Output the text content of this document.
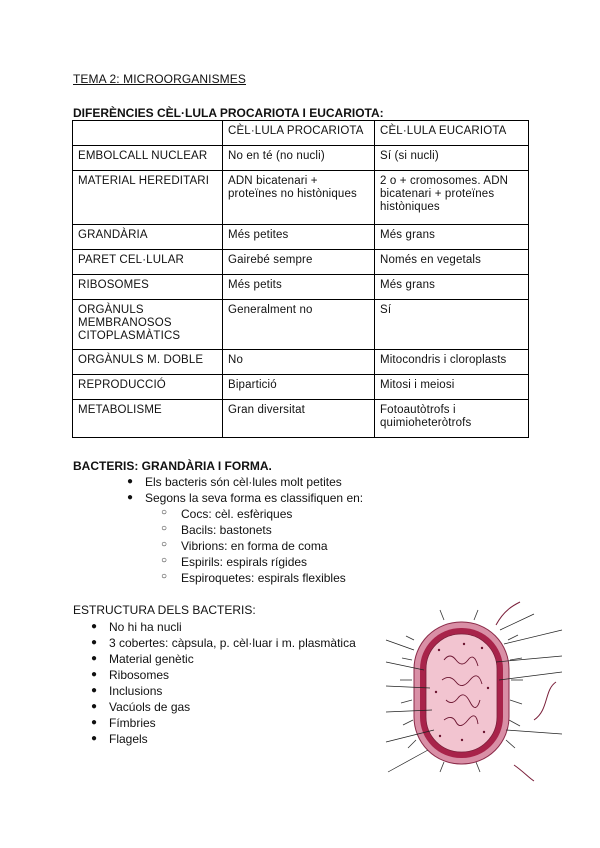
TEMA 2: MICROORGANISMES
DIFERÈNCIES CÈL·LULA PROCARIOTA I EUCARIOTA:
	CÈL·LULA PROCARIOTA	CÈL·LULA EUCARIOTA
EMBOLCALL NUCLEAR	No en té (no nucli)	Sí (si nucli)
MATERIAL HEREDITARI	ADN bicatenari + proteïnes no històniques	2 o + cromosomes. ADN bicatenari + proteïnes històniques
GRANDÀRIA	Més petites	Més grans
PARET CEL·LULAR	Gairebé sempre	Només en vegetals
RIBOSOMES	Més petits	Més grans
ORGÀNULS MEMBRANOSOS CITOPLASMÀTICS	Generalment no	Sí
ORGÀNULS M. DOBLE	No	Mitocondris i cloroplasts
REPRODUCCIÓ	Bipartició	Mitosi i meiosi
METABOLISME	Gran diversitat	Fotoautòtrofs i quimioheteròtrofs
BACTERIS: GRANDÀRIA I FORMA.
● Els bacteris són cèl·lules molt petites
● Segons la seva forma es classifiquen en:
○ Cocs: cèl. esfèriques
○ Bacils: bastonets
○ Vibrions: en forma de coma
○ Espirils: espirals rígides
○ Espiroquetes: espirals flexibles
ESTRUCTURA DELS BACTERIS:
● No hi ha nucli
● 3 cobertes: càpsula, p. cèl·luar i m. plasmàtica
● Material genètic
● Ribosomes
● Inclusions
● Vacúols de gas
● Fímbries
● Flagels
